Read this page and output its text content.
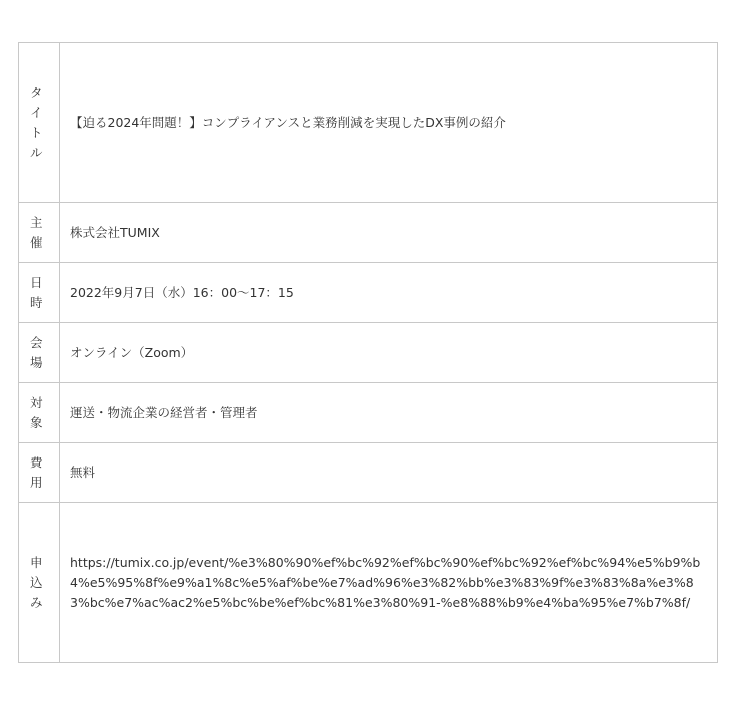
タイトル	【迫る2024年問題！】コンプライアンスと業務削減を実現したDX事例の紹介

主催	株式会社TUMIX

日時	2022年9月7日（水）16：00〜17：15

会場	オンライン（Zoom）

対象	運送・物流企業の経営者・管理者

費用	無料

申込み	https://tumix.co.jp/event/%e3%80%90%ef%bc%92%ef%bc%90%ef%bc%92%ef%bc%94%e5%b9%b4%e5%95%8f%e9%a1%8c%e5%af%be%e7%ad%96%e3%82%bb%e3%83%9f%e3%83%8a%e3%83%bc%e7%ac%ac2%e5%bc%be%ef%bc%81%e3%80%91-%e8%88%b9%e4%ba%95%e7%b7%8f/
